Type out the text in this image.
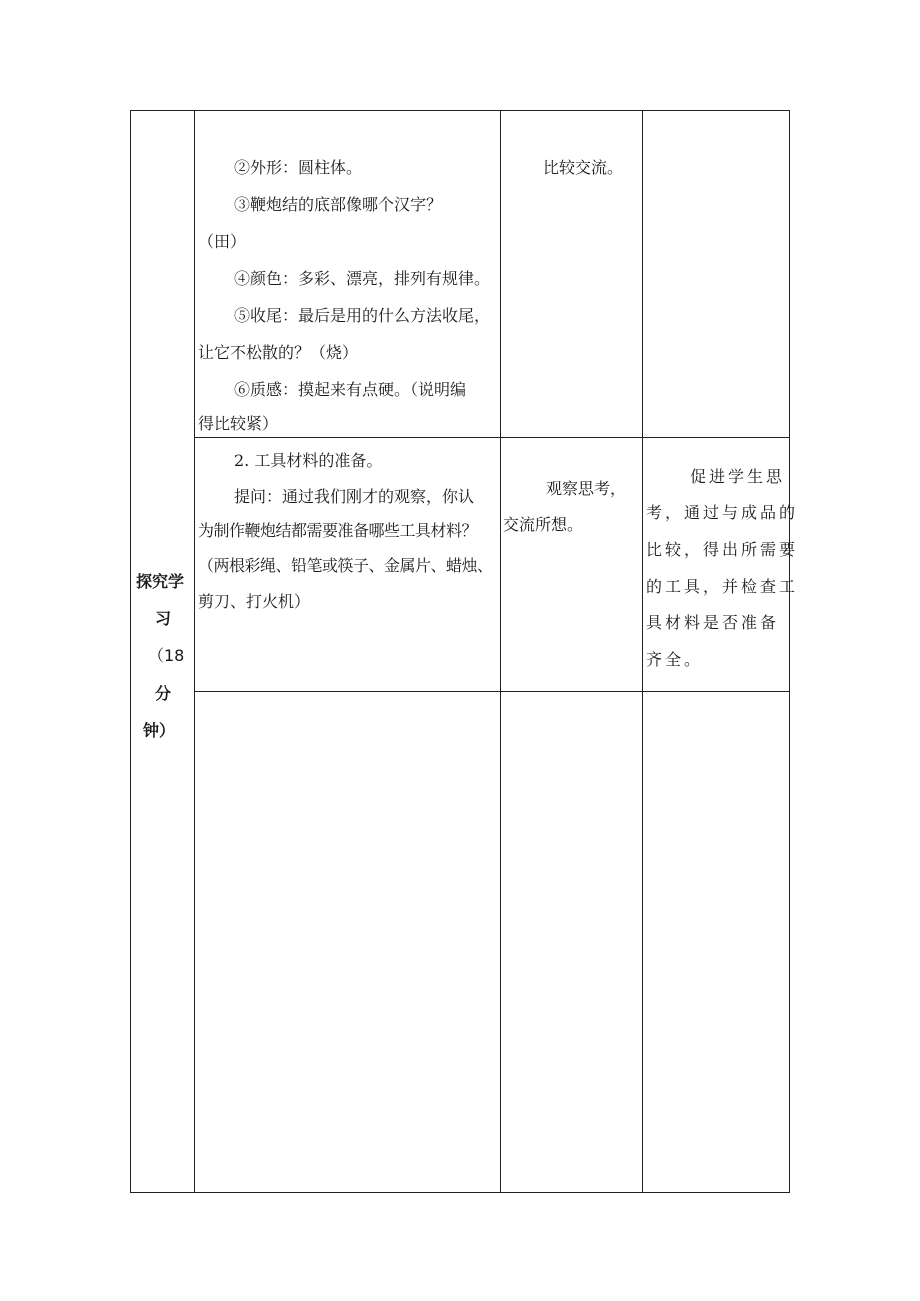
探究学
习
（18
分
钟）
②外形：圆柱体。
③鞭炮结的底部像哪个汉字？
（田）
④颜色：多彩、漂亮，排列有规律。
⑤收尾：最后是用的什么方法收尾，
让它不松散的？（烧）
⑥质感：摸起来有点硬。（说明编
得比较紧）
比较交流。
2. 工具材料的准备。
提问：通过我们刚才的观察，你认
为制作鞭炮结都需要准备哪些工具材料？
（两根彩绳、铅笔或筷子、金属片、蜡烛、
剪刀、打火机）
观察思考，
交流所想。
促进学生思
考，通过与成品的
比较，得出所需要
的工具，并检查工
具材料是否准备
齐全。
